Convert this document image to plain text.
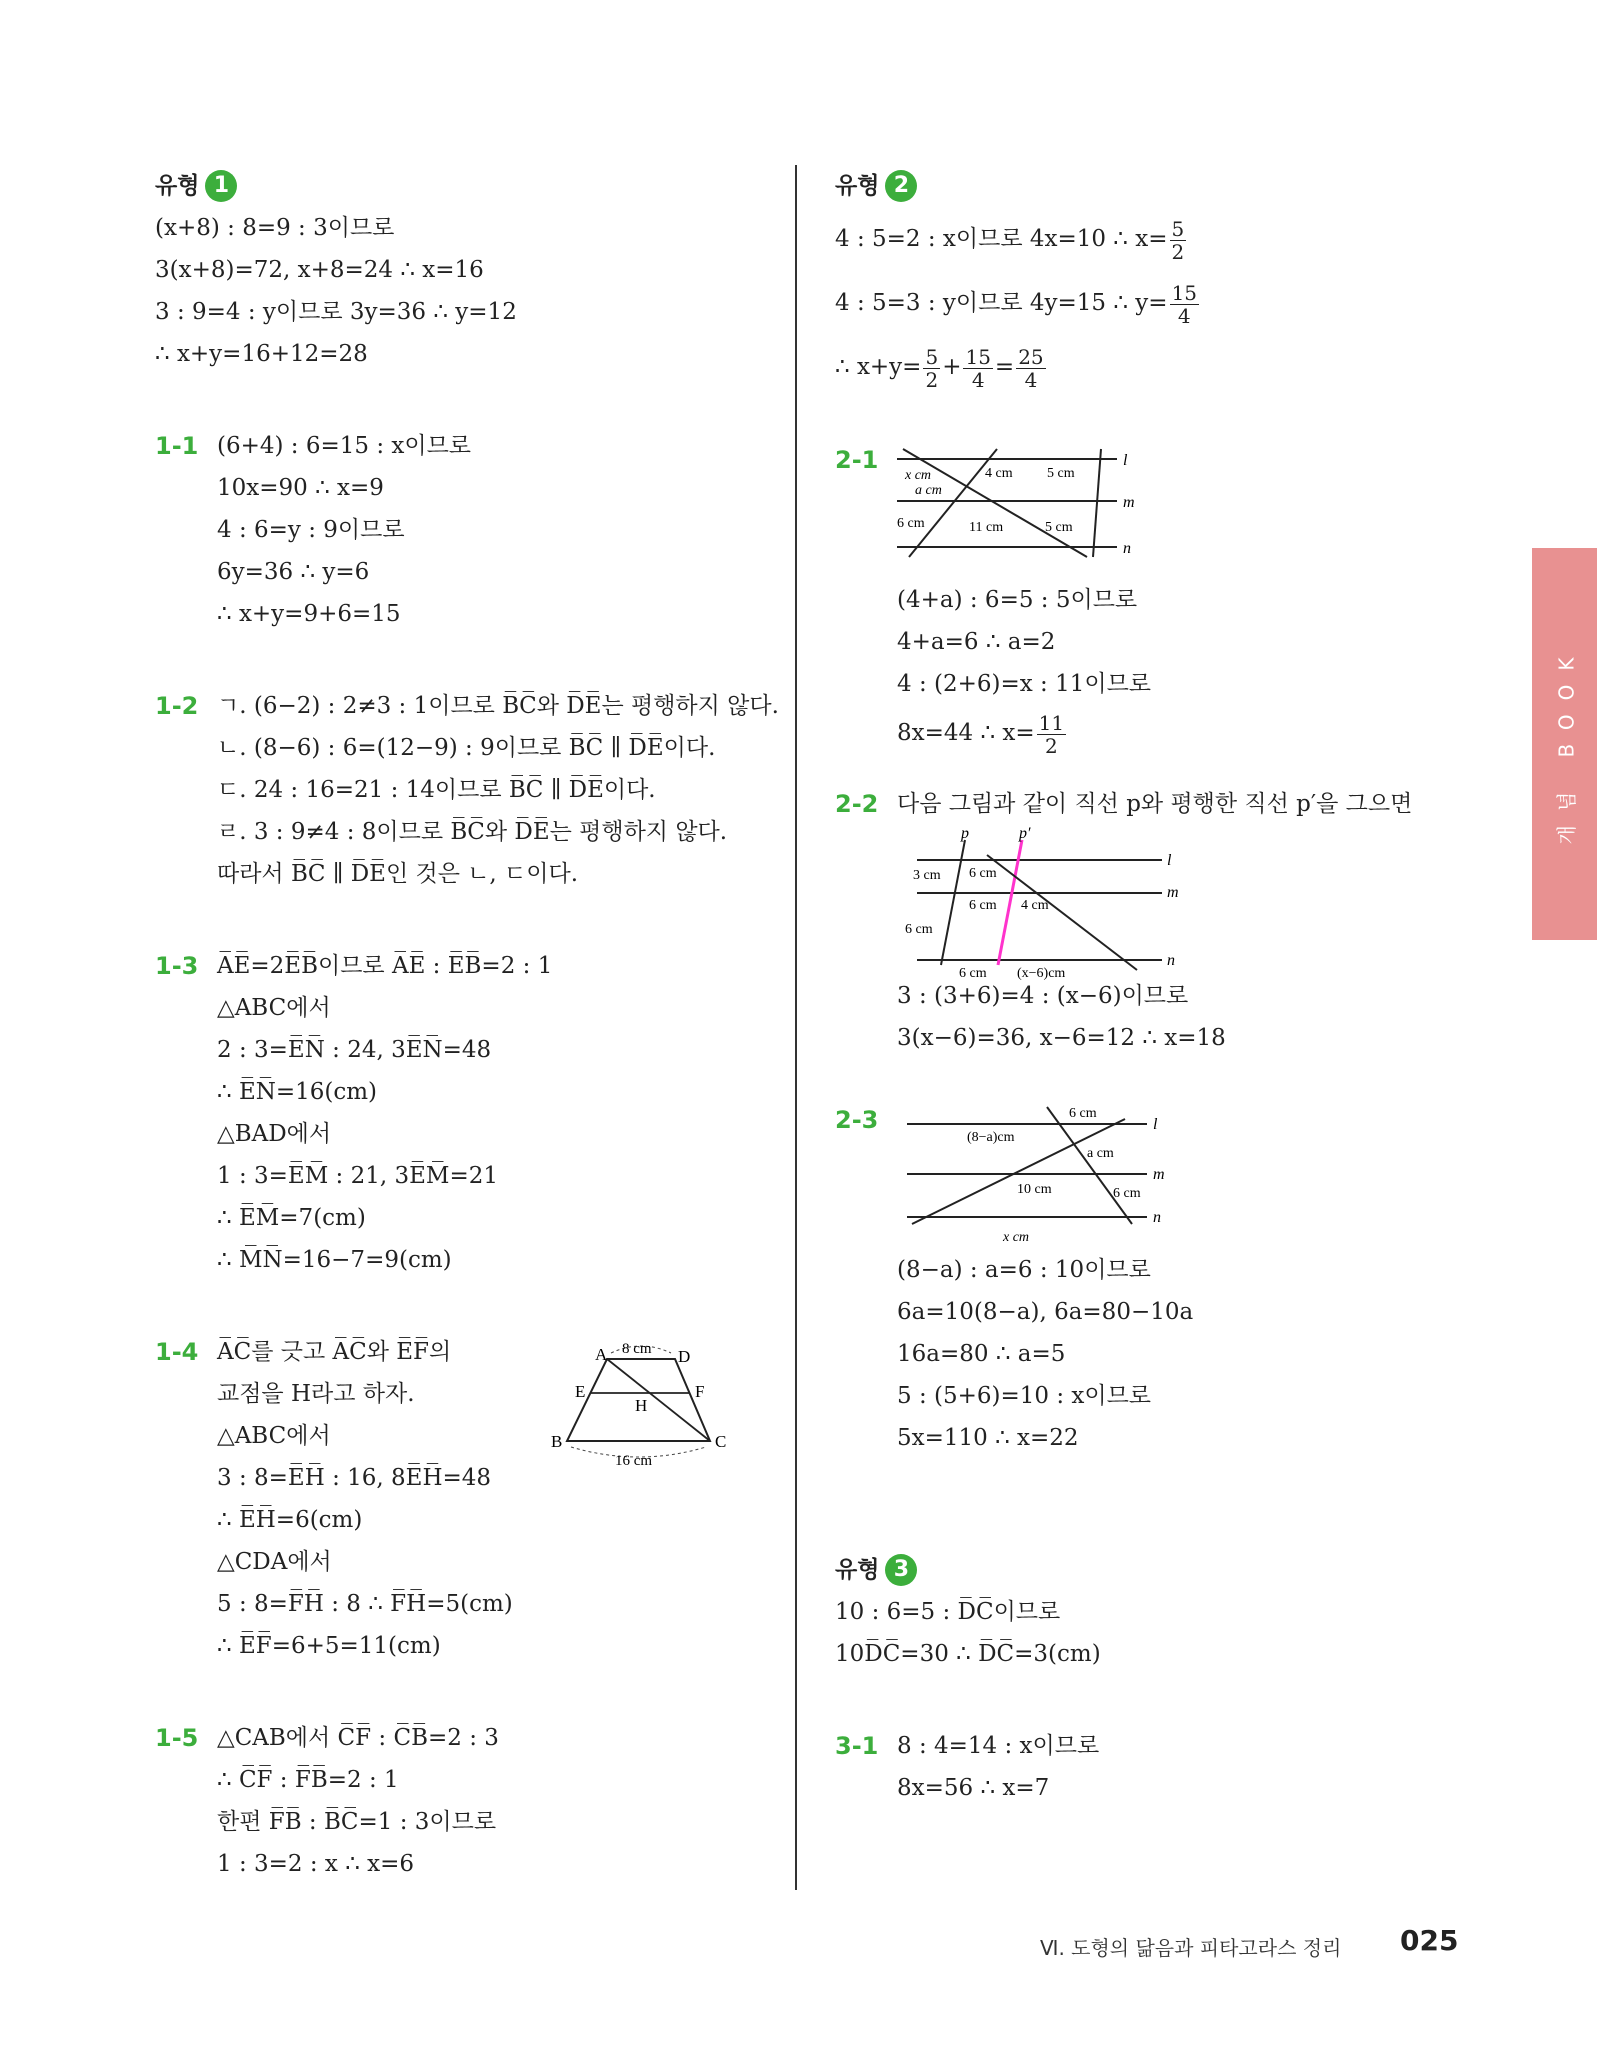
유형 1
(x+8) : 8=9 : 3이므로
3(x+8)=72, x+8=24 ∴ x=16
3 : 9=4 : y이므로 3y=36 ∴ y=12
∴ x+y=16+12=28
1-1 (6+4) : 6=15 : x이므로
10x=90 ∴ x=9
4 : 6=y : 9이므로
6y=36 ∴ y=6
∴ x+y=9+6=15
1-2 ㄱ. (6−2) : 2≠3 : 1이므로 B̅C̅와 D̅E̅는 평행하지 않다.
ㄴ. (8−6) : 6=(12−9) : 9이므로 B̅C̅ ∥ D̅E̅이다.
ㄷ. 24 : 16=21 : 14이므로 B̅C̅ ∥ D̅E̅이다.
ㄹ. 3 : 9≠4 : 8이므로 B̅C̅와 D̅E̅는 평행하지 않다.
따라서 B̅C̅ ∥ D̅E̅인 것은 ㄴ, ㄷ이다.
1-3 A̅E̅=2E̅B̅이므로 A̅E̅ : E̅B̅=2 : 1
△ABC에서
2 : 3=E̅N̅ : 24, 3E̅N̅=48
∴ E̅N̅=16(cm)
△BAD에서
1 : 3=E̅M̅ : 21, 3E̅M̅=21
∴ E̅M̅=7(cm)
∴ M̅N̅=16−7=9(cm)
1-4 A̅C̅를 긋고 A̅C̅와 E̅F̅의
교점을 H라고 하자.
△ABC에서
3 : 8=E̅H̅ : 16, 8E̅H̅=48
∴ E̅H̅=6(cm)
△CDA에서
5 : 8=F̅H̅ : 8 ∴ F̅H̅=5(cm)
∴ E̅F̅=6+5=11(cm)
A	D
E	F
H
B	C
8 cm
16 cm
1-5 △CAB에서 C̅F̅ : C̅B̅=2 : 3
∴ C̅F̅ : F̅B̅=2 : 1
한편 F̅B̅ : B̅C̅=1 : 3이므로
1 : 3=2 : x ∴ x=6
유형 2
4 : 5=2 : x이므로 4x=10 ∴ $x= \frac{5}{2}$
4 : 5=3 : y이므로 4y=15 ∴ $y= \frac{15}{4}$
∴ $x+y= \frac{5}{2} + \frac{15}{4} = \frac{25}{4}$
2-1	l
m
n
x cm
a cm
4 cm 5 cm
6 cm	11 cm	5 cm
(4+a) : 6=5 : 5이므로
4+a=6 ∴ a=2
4 : (2+6)=x : 11이므로
8x=44 ∴ $x= \frac{11}{2}$
2-2 다음 그림과 같이 직선 p와 평행한 직선 p′을 그으면
p	p′
l
m
n
3 cm 6 cm
6 cm 4 cm
6 cm
6 cm (x−6)cm
3 : (3+6)=4 : (x−6)이므로
3(x−6)=36, x−6=12 ∴ x=18
2-3	l
m
n
6 cm
(8−a)cm
a cm
10 cm	6 cm
x cm
(8−a) : a=6 : 10이므로
6a=10(8−a), 6a=80−10a
16a=80 ∴ a=5
5 : (5+6)=10 : x이므로
5x=110 ∴ x=22
유형 3
10 : 6=5 : D̅C̅이므로
10D̅C̅=30 ∴ D̅C̅=3(cm)
3-1 8 : 4=14 : x이므로
8x=56 ∴ x=7
개념 BOOK
Ⅵ. 도형의 닮음과 피타고라스 정리 025
